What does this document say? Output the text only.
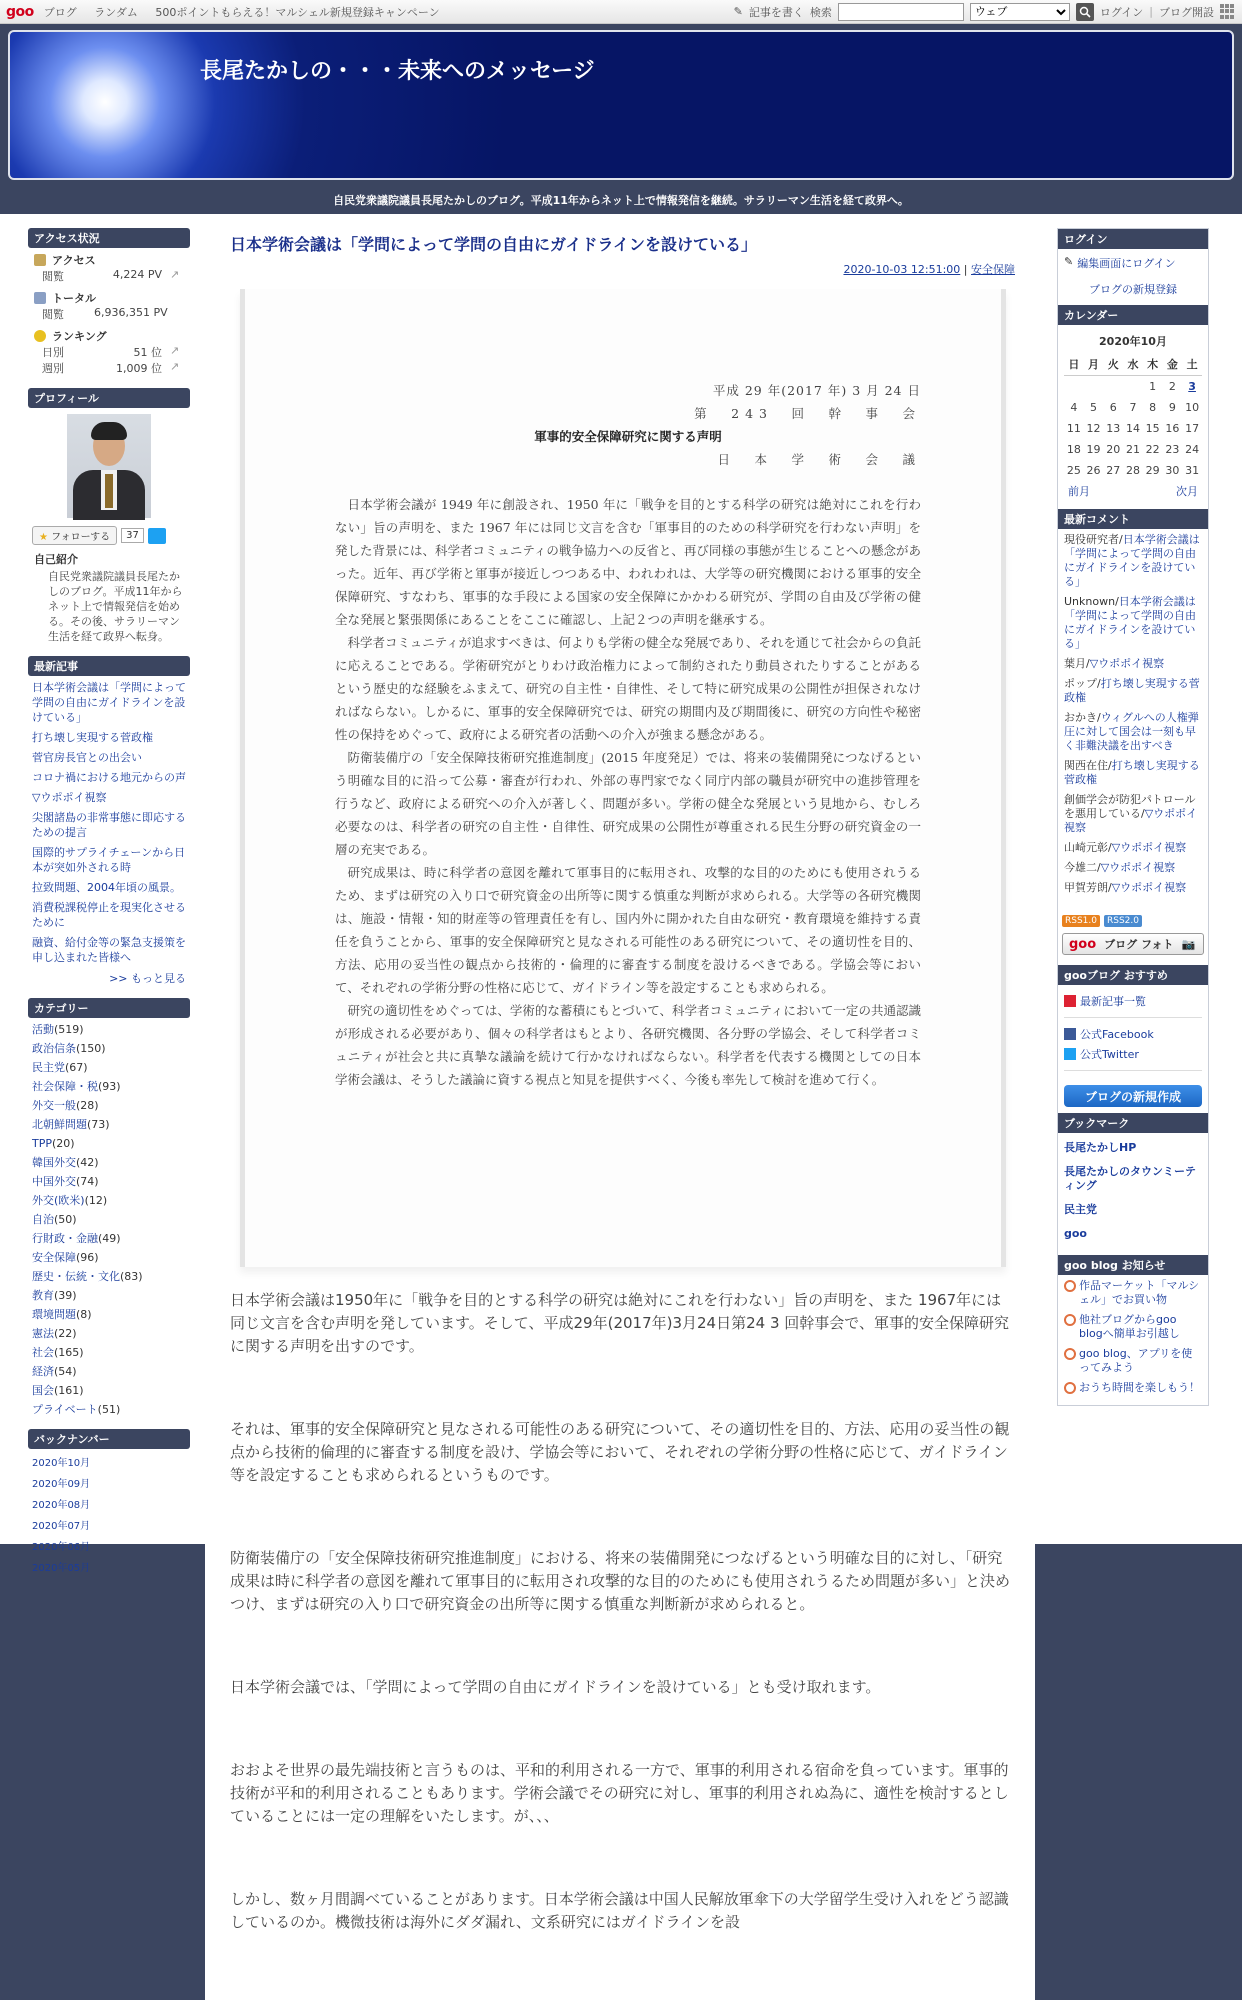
goo ブログ ランダム 500ポイントもらえる！マルシェル新規登録キャンペーン	✎ 記事を書く 検索
ウェブ	ログイン | ブログ開設
長尾たかしの・・・未来へのメッセージ
自民党衆議院議員長尾たかしのブログ。平成11年からネット上で情報発信を継続。サラリーマン生活を経て政界へ。
アクセス状況
アクセス
閲覧	4,224 PV ↗
トータル
閲覧	6,936,351 PV
ランキング
日別	51 位 ↗
週別	1,009 位 ↗
プロフィール
★ フォローする	37
自己紹介
自民党衆議院議員長尾たかしのブログ。平成11年からネット上で情報発信を始める。その後、サラリーマン生活を経て政界へ転身。
最新記事
日本学術会議は「学問によって学問の自由にガイドラインを設けている」
打ち壊し実現する菅政権
菅官房長官との出会い
コロナ禍における地元からの声
▽ウポポイ視察
尖閣諸島の非常事態に即応するための提言
国際的サプライチェーンから日本が突如外される時
拉致問題、2004年頃の風景。
消費税課税停止を現実化させるために
融資、給付金等の緊急支援策を申し込まれた皆様へ
>> もっと見る
カテゴリー
活動(519)
政治信条(150)
民主党(67)
社会保障・税(93)
外交一般(28)
北朝鮮問題(73)
TPP(20)
韓国外交(42)
中国外交(74)
外交(欧米)(12)
自治(50)
行財政・金融(49)
安全保障(96)
歴史・伝統・文化(83)
教育(39)
環境問題(8)
憲法(22)
社会(165)
経済(54)
国会(161)
プライベート(51)
バックナンバー
2020年10月
2020年09月
2020年08月
2020年07月
2020年06月
2020年05月
日本学術会議は「学問によって学問の自由にガイドラインを設けている」
2020-10-03 12:51:00 | 安全保障
平成 29 年(2017 年) 3 月 24 日
第　243　回　幹　事　会
軍事的安全保障研究に関する声明
日　本　学　術　会　議
日本学術会議が 1949 年に創設され、1950 年に「戦争を目的とする科学の研究は絶対にこれを行わない」旨の声明を、また 1967 年には同じ文言を含む「軍事目的のための科学研究を行わない声明」を発した背景には、科学者コミュニティの戦争協力への反省と、再び同様の事態が生じることへの懸念があった。近年、再び学術と軍事が接近しつつある中、われわれは、大学等の研究機関における軍事的安全保障研究、すなわち、軍事的な手段による国家の安全保障にかかわる研究が、学問の自由及び学術の健全な発展と緊張関係にあることをここに確認し、上記２つの声明を継承する。
科学者コミュニティが追求すべきは、何よりも学術の健全な発展であり、それを通じて社会からの負託に応えることである。学術研究がとりわけ政治権力によって制約されたり動員されたりすることがあるという歴史的な経験をふまえて、研究の自主性・自律性、そして特に研究成果の公開性が担保されなければならない。しかるに、軍事的安全保障研究では、研究の期間内及び期間後に、研究の方向性や秘密性の保持をめぐって、政府による研究者の活動への介入が強まる懸念がある。
防衛装備庁の「安全保障技術研究推進制度」(2015 年度発足）では、将来の装備開発につなげるという明確な目的に沿って公募・審査が行われ、外部の専門家でなく同庁内部の職員が研究中の進捗管理を行うなど、政府による研究への介入が著しく、問題が多い。学術の健全な発展という見地から、むしろ必要なのは、科学者の研究の自主性・自律性、研究成果の公開性が尊重される民生分野の研究資金の一層の充実である。
研究成果は、時に科学者の意図を離れて軍事目的に転用され、攻撃的な目的のためにも使用されうるため、まずは研究の入り口で研究資金の出所等に関する慎重な判断が求められる。大学等の各研究機関は、施設・情報・知的財産等の管理責任を有し、国内外に開かれた自由な研究・教育環境を維持する責任を負うことから、軍事的安全保障研究と見なされる可能性のある研究について、その適切性を目的、方法、応用の妥当性の観点から技術的・倫理的に審査する制度を設けるべきである。学協会等において、それぞれの学術分野の性格に応じて、ガイドライン等を設定することも求められる。
研究の適切性をめぐっては、学術的な蓄積にもとづいて、科学者コミュニティにおいて一定の共通認識が形成される必要があり、個々の科学者はもとより、各研究機関、各分野の学協会、そして科学者コミュニティが社会と共に真摯な議論を続けて行かなければならない。科学者を代表する機関としての日本学術会議は、そうした議論に資する視点と知見を提供すべく、今後も率先して検討を進めて行く。

日本学術会議は1950年に「戦争を目的とする科学の研究は絶対にこれを行わない」旨の声明を、また 1967年には同じ文言を含む声明を発しています。そして、平成29年(2017年)3月24日第24 3 回幹事会で、軍事的安全保障研究に関する声明を出すのです。

それは、軍事的安全保障研究と見なされる可能性のある研究について、その適切性を目的、方法、応用の妥当性の観点から技術的倫理的に審査する制度を設け、学協会等において、それぞれの学術分野の性格に応じて、ガイドライン等を設定することも求められるというものです。

防衛装備庁の「安全保障技術研究推進制度」における、将来の装備開発につなげるという明確な目的に対し、「研究成果は時に科学者の意図を離れて軍事目的に転用され攻撃的な目的のためにも使用されうるため問題が多い」と決めつけ、まずは研究の入り口で研究資金の出所等に関する慎重な判断新が求められると。

日本学術会議では、「学問によって学問の自由にガイドラインを設けている」とも受け取れます。

おおよそ世界の最先端技術と言うものは、平和的利用される一方で、軍事的利用される宿命を負っています。軍事的技術が平和的利用されることもあります。学術会議でその研究に対し、軍事的利用されぬ為に、適性を検討するとしていることには一定の理解をいたします。が、、、

しかし、数ヶ月間調べていることがあります。日本学術会議は中国人民解放軍傘下の大学留学生受け入れをどう認識しているのか。機微技術は海外にダダ漏れ、文系研究にはガイドラインを設

ログイン
✎ 編集画面にログイン
ブログの新規登録
カレンダー
2020年10月
日	月	火	水	木	金	土
				1	2	3
4	5	6	7	8	9	10
11	12	13	14	15	16	17
18	19	20	21	22	23	24
25	26	27	28	29	30	31
前月	次月
最新コメント
現役研究者/日本学術会議は「学問によって学問の自由にガイドラインを設けている」
Unknown/日本学術会議は「学問によって学問の自由にガイドラインを設けている」
葉月/▽ウポポイ視察
ポップ/打ち壊し実現する菅政権
おかき/ウィグルへの人権弾圧に対して国会は一刻も早く非難決議を出すべき
関西在住/打ち壊し実現する菅政権
創価学会が防犯パトロールを悪用している/▽ウポポイ視察
山崎元彰/▽ウポポイ視察
今雄二/▽ウポポイ視察
甲賀芳朗/▽ウポポイ視察
RSS1.0	RSS2.0
goo ブログ フォト 📷
gooブログ おすすめ
最新記事一覧
公式Facebook
公式Twitter
ブログの新規作成
ブックマーク
長尾たかしHP
長尾たかしのタウンミーティング
民主党
goo
goo blog お知らせ
作品マーケット「マルシェル」でお買い物
他社ブログからgoo blogへ簡単お引越し
goo blog、アプリを使ってみよう
おうち時間を楽しもう！
